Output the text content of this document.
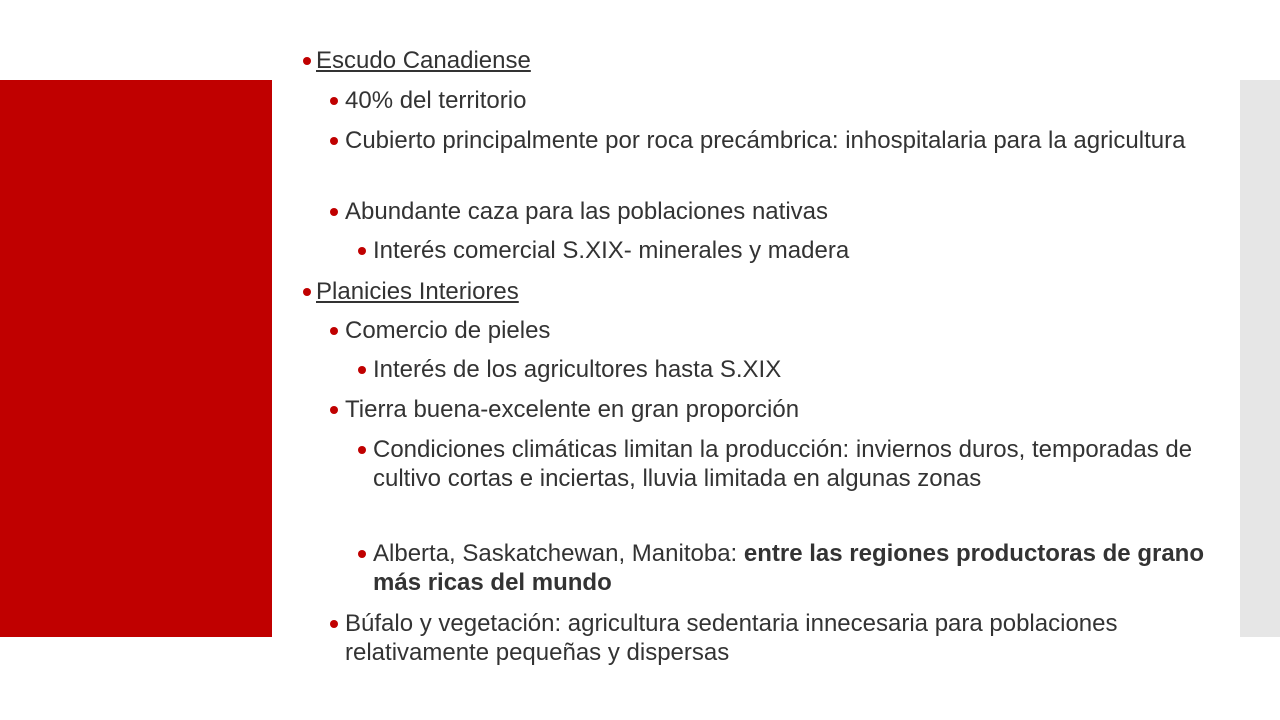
Escudo Canadiense
40% del territorio
Cubierto principalmente por roca precámbrica: inhospitalaria para la agricultura
Abundante caza para las poblaciones nativas
Interés comercial S.XIX- minerales y madera
Planicies Interiores
Comercio de pieles
Interés de los agricultores hasta S.XIX
Tierra buena-excelente en gran proporción
Condiciones climáticas limitan la producción: inviernos duros, temporadas de cultivo cortas e inciertas, lluvia limitada en algunas zonas
Alberta, Saskatchewan, Manitoba: entre las regiones productoras de grano más ricas del mundo
Búfalo y vegetación: agricultura sedentaria innecesaria para poblaciones relativamente pequeñas y dispersas
